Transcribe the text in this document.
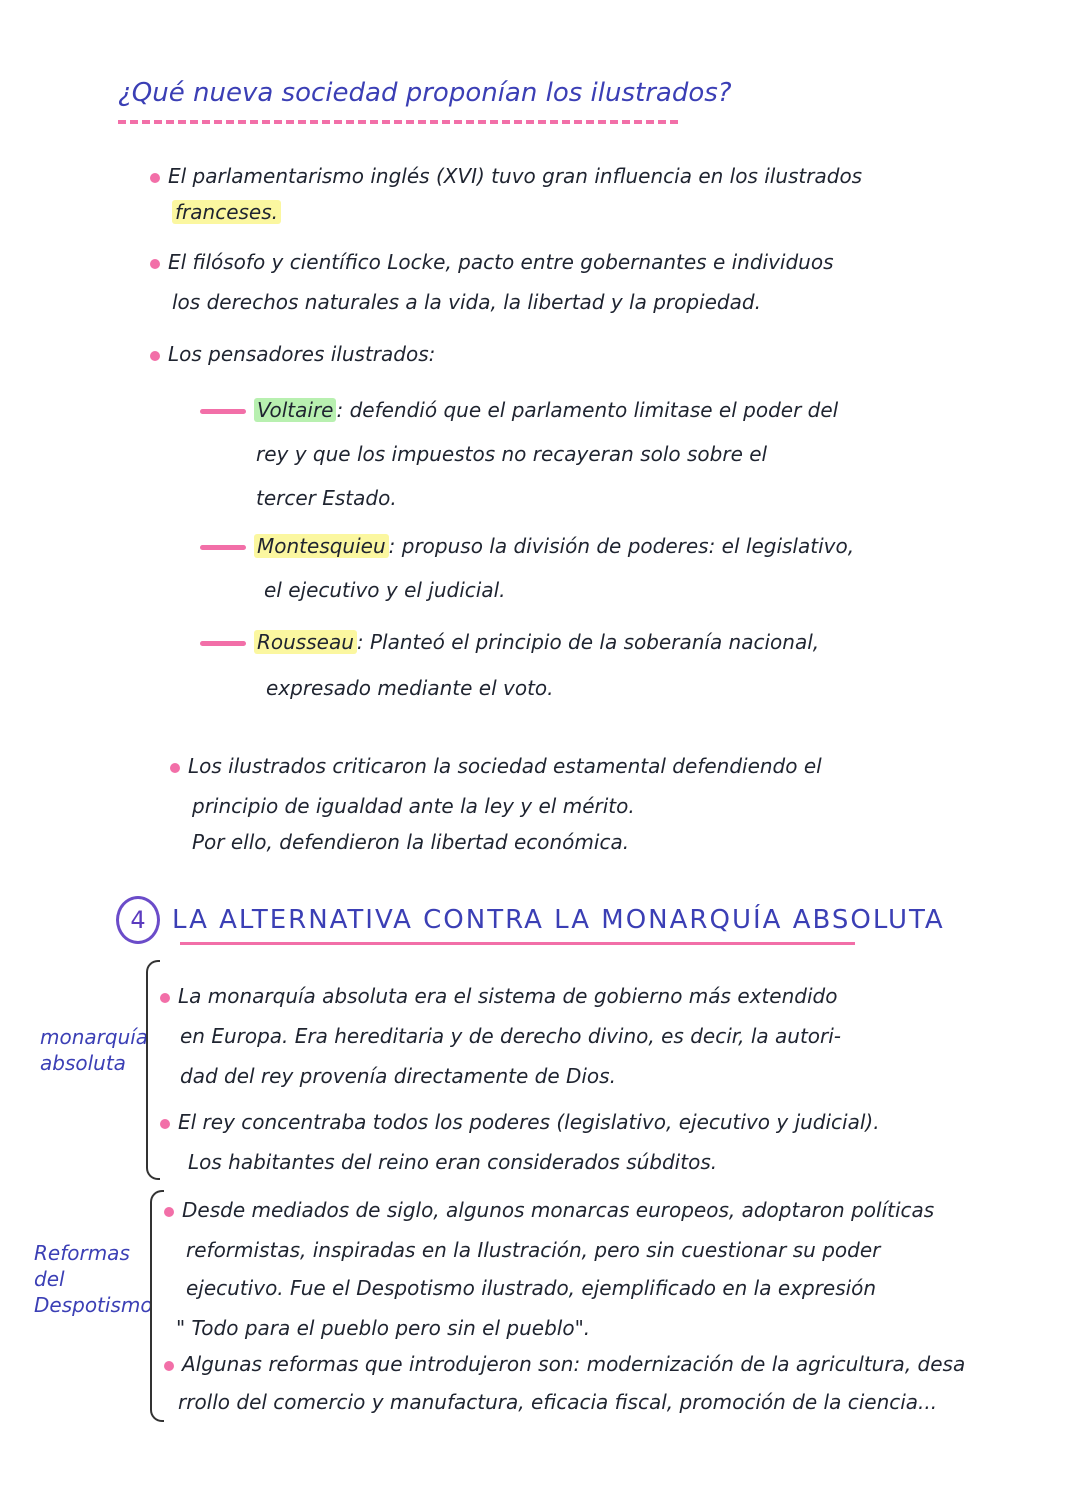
¿Qué nueva sociedad proponían los ilustrados?
El parlamentarismo inglés (XVI) tuvo gran influencia en los ilustrados
franceses.
El filósofo y científico Locke, pacto entre gobernantes e individuos
los derechos naturales a la vida, la libertad y la propiedad.
Los pensadores ilustrados:
Voltaire : defendió que el parlamento limitase el poder del
rey y que los impuestos no recayeran solo sobre el
tercer Estado.
Montesquieu : propuso la división de poderes: el legislativo,
el ejecutivo y el judicial.
Rousseau : Planteó el principio de la soberanía nacional,
expresado mediante el voto.
Los ilustrados criticaron la sociedad estamental defendiendo el
principio de igualdad ante la ley y el mérito.
Por ello, defendieron la libertad económica.
4	LA ALTERNATIVA CONTRA LA MONARQUÍA ABSOLUTA
monarquía
absoluta
La monarquía absoluta era el sistema de gobierno más extendido
en Europa. Era hereditaria y de derecho divino, es decir, la autori-
dad del rey provenía directamente de Dios.
El rey concentraba todos los poderes (legislativo, ejecutivo y judicial).
Los habitantes del reino eran considerados súbditos.
Reformas
del
Despotismo
Desde mediados de siglo, algunos monarcas europeos, adoptaron políticas
reformistas, inspiradas en la Ilustración, pero sin cuestionar su poder
ejecutivo. Fue el Despotismo ilustrado, ejemplificado en la expresión
" Todo para el pueblo pero sin el pueblo".
Algunas reformas que introdujeron son: modernización de la agricultura, desa
rrollo del comercio y manufactura, eficacia fiscal, promoción de la ciencia...
